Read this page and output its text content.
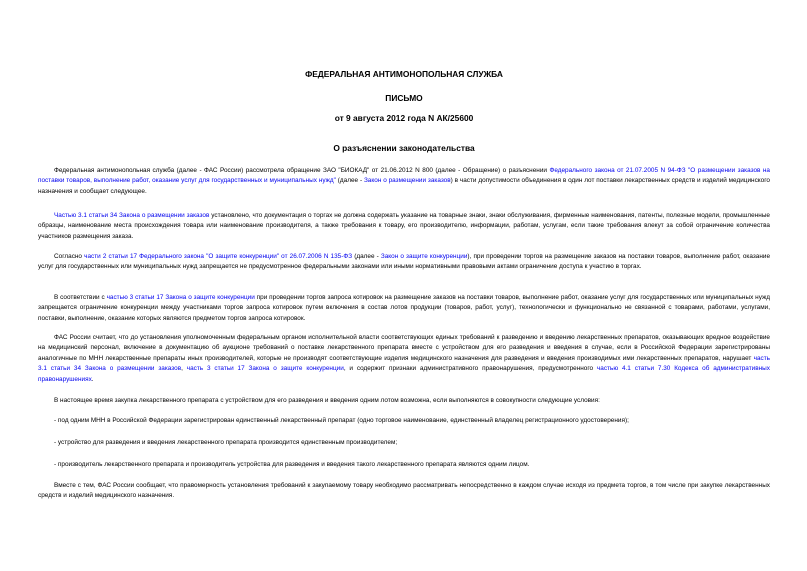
ФЕДЕРАЛЬНАЯ АНТИМОНОПОЛЬНАЯ СЛУЖБА
ПИСЬМО
от 9 августа 2012 года N АК/25600
О разъяснении законодательства
Федеральная антимонопольная служба (далее - ФАС России) рассмотрела обращение ЗАО "БИОКАД" от 21.06.2012 N 800 (далее - Обращение) о разъяснении Федерального закона от 21.07.2005 N 94-ФЗ "О размещении заказов на поставки товаров, выполнение работ, оказание услуг для государственных и муниципальных нужд" (далее - Закон о размещении заказов) в части допустимости объединения в один лот поставки лекарственных средств и изделий медицинского назначения и сообщает следующее.
Частью 3.1 статьи 34 Закона о размещении заказов установлено, что документация о торгах не должна содержать указание на товарные знаки, знаки обслуживания, фирменные наименования, патенты, полезные модели, промышленные образцы, наименование места происхождения товара или наименование производителя, а также требования к товару, его производителю, информации, работам, услугам, если такие требования влекут за собой ограничение количества участников размещения заказа.
Согласно части 2 статьи 17 Федерального закона "О защите конкуренции" от 26.07.2006 N 135-ФЗ (далее - Закон о защите конкуренции), при проведении торгов на размещение заказов на поставки товаров, выполнение работ, оказание услуг для государственных или муниципальных нужд запрещается не предусмотренное федеральными законами или иными нормативными правовыми актами ограничение доступа к участию в торгах.
В соответствии с частью 3 статьи 17 Закона о защите конкуренции при проведении торгов запроса котировок на размещение заказов на поставки товаров, выполнение работ, оказание услуг для государственных или муниципальных нужд запрещается ограничение конкуренции между участниками торгов запроса котировок путем включения в состав лотов продукции (товаров, работ, услуг), технологически и функционально не связанной с товарами, работами, услугами, поставки, выполнение, оказание которых являются предметом торгов запроса котировок.
ФАС России считает, что до установления уполномоченным федеральным органом исполнительной власти соответствующих единых требований к разведению и введению лекарственных препаратов, оказывающих вредное воздействие на медицинский персонал, включение в документацию об аукционе требований о поставке лекарственного препарата вместе с устройством для его разведения и введения в случае, если в Российской Федерации зарегистрированы аналогичные по МНН лекарственные препараты иных производителей, которые не производят соответствующие изделия медицинского назначения для разведения и введения производимых ими лекарственных препаратов, нарушает часть 3.1 статьи 34 Закона о размещении заказов, часть 3 статьи 17 Закона о защите конкуренции, и содержит признаки административного правонарушения, предусмотренного частью 4.1 статьи 7.30 Кодекса об административных правонарушениях.
В настоящее время закупка лекарственного препарата с устройством для его разведения и введения одним лотом возможна, если выполняются в совокупности следующие условия:
- под одним МНН в Российской Федерации зарегистрирован единственный лекарственный препарат (одно торговое наименование, единственный владелец регистрационного удостоверения);
- устройство для разведения и введения лекарственного препарата производится единственным производителем;
- производитель лекарственного препарата и производитель устройства для разведения и введения такого лекарственного препарата являются одним лицом.
Вместе с тем, ФАС России сообщает, что правомерность установления требований к закупаемому товару необходимо рассматривать непосредственно в каждом случае исходя из предмета торгов, в том числе при закупке лекарственных средств и изделий медицинского назначения.
